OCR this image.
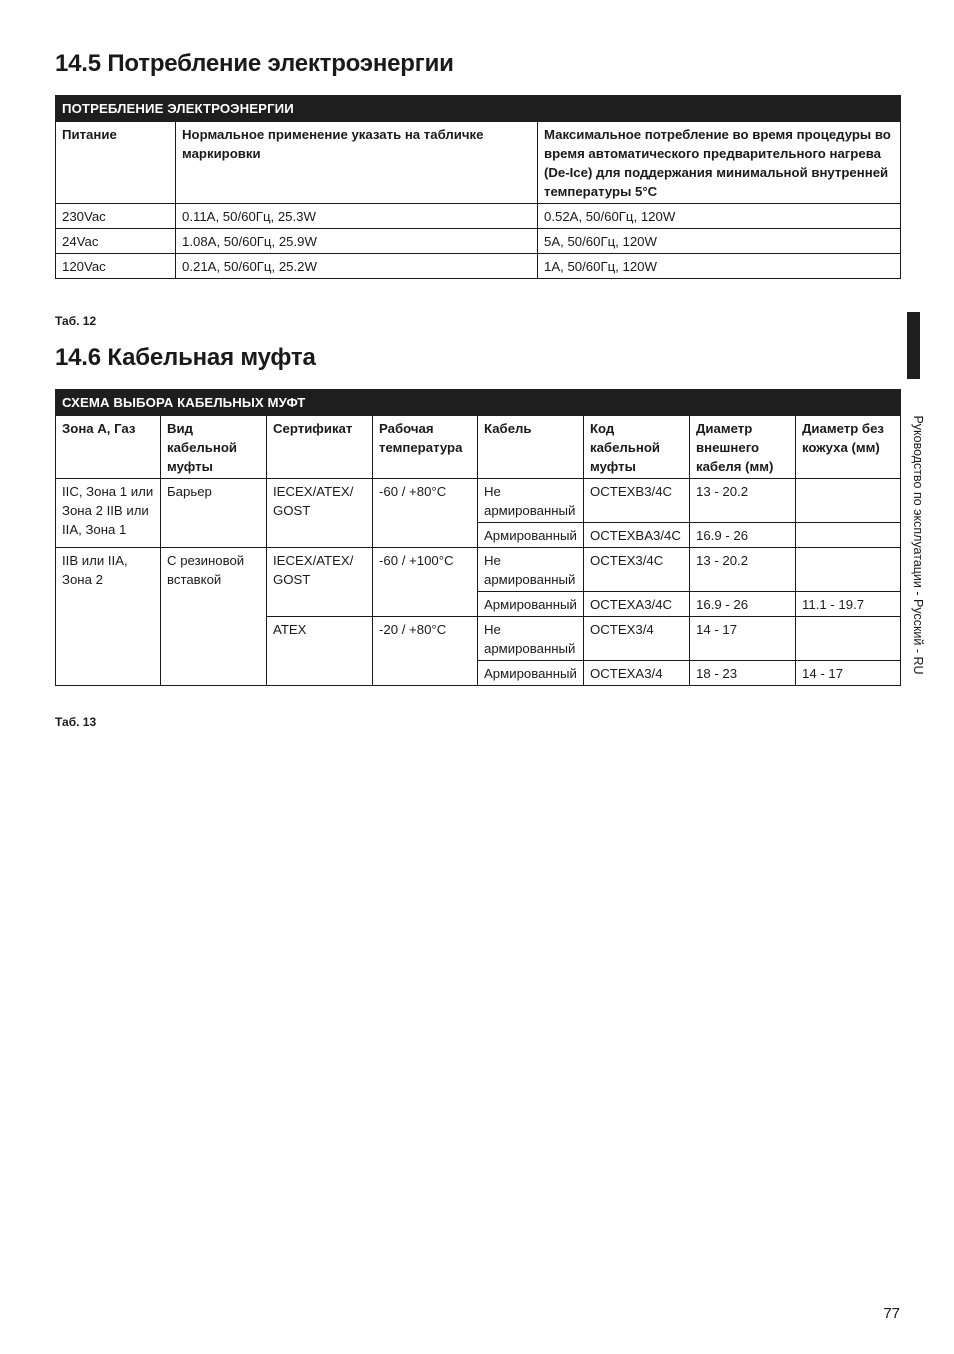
14.5 Потребление электроэнергии
ПОТРЕБЛЕНИЕ ЭЛЕКТРОЭНЕРГИИ		
Питание	Нормальное применение указать на табличке маркировки	Максимальное потребление во время процедуры во время автоматического предварительного нагрева (De-Ice) для поддержания минимальной внутренней температуры 5°C
230Vac	0.11A, 50/60Гц, 25.3W	0.52A, 50/60Гц, 120W
24Vac	1.08A, 50/60Гц, 25.9W	5A, 50/60Гц, 120W
120Vac	0.21A, 50/60Гц, 25.2W	1A, 50/60Гц, 120W
Таб. 12
14.6 Кабельная муфта
СХЕМА ВЫБОРА КАБЕЛЬНЫХ МУФТ							
Зона А, Газ	Вид кабельной муфты	Сертификат	Рабочая температура	Кабель	Код кабельной муфты	Диаметр внешнего кабеля (мм)	Диаметр без кожуха (мм)
IIC, Зона 1 или Зона 2 IIB или IIA, Зона 1	Барьер	IECEX/ATEX/ GOST	-60 / +80°C	Не армированный	OCTEXB3/4C	13 - 20.2	
				Армированный	OCTEXBA3/4C	16.9 - 26	
IIB или IIA, Зона 2	С резиновой вставкой	IECEX/ATEX/ GOST	-60 / +100°C	Не армированный	OCTEX3/4C	13 - 20.2	
				Армированный	OCTEXA3/4C	16.9 - 26	11.1 - 19.7
		ATEX	-20 / +80°C	Не армированный	OCTEX3/4	14 - 17	
				Армированный	OCTEXA3/4	18 - 23	14 - 17
Таб. 13
Руководство по эксплуатации - Русский - RU
77
